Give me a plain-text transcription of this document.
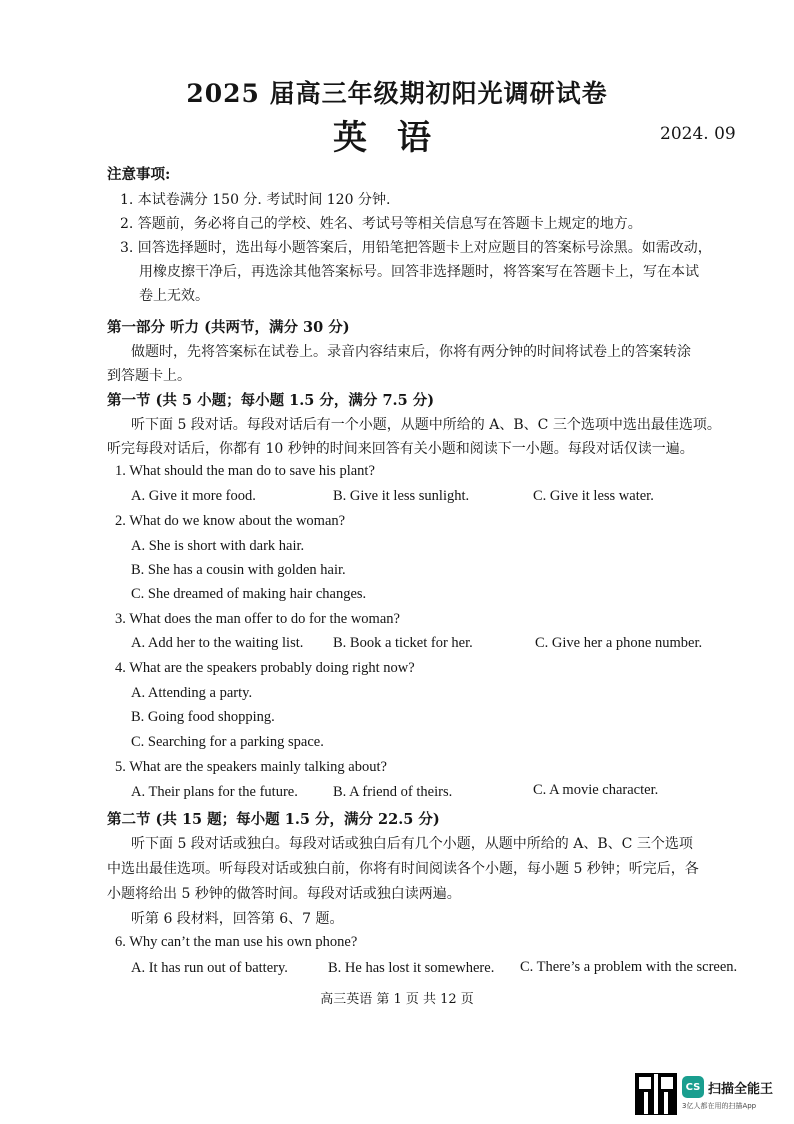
2025 届高三年级期初阳光调研试卷
英语	2024. 09
注意事项:
1. 本试卷满分 150 分. 考试时间 120 分钟.
2. 答题前，务必将自己的学校、姓名、考试号等相关信息写在答题卡上规定的地方。
3. 回答选择题时，选出每小题答案后，用铅笔把答题卡上对应题目的答案标号涂黑。如需改动，
用橡皮擦干净后，再选涂其他答案标号。回答非选择题时，将答案写在答题卡上，写在本试
卷上无效。
第一部分 听力 (共两节，满分 30 分)
做题时，先将答案标在试卷上。录音内容结束后，你将有两分钟的时间将试卷上的答案转涂
到答题卡上。
第一节 (共 5 小题；每小题 1.5 分，满分 7.5 分)
听下面 5 段对话。每段对话后有一个小题，从题中所给的 A、B、C 三个选项中选出最佳选项。
听完每段对话后，你都有 10 秒钟的时间来回答有关小题和阅读下一小题。每段对话仅读一遍。
1. What should the man do to save his plant?
A. Give it more food.	B. Give it less sunlight.	C. Give it less water.
2. What do we know about the woman?
A. She is short with dark hair.
B. She has a cousin with golden hair.
C. She dreamed of making hair changes.
3. What does the man offer to do for the woman?
A. Add her to the waiting list. B. Book a ticket for her.	C. Give her a phone number.
4. What are the speakers probably doing right now?
A. Attending a party.
B. Going food shopping.
C. Searching for a parking space.
5. What are the speakers mainly talking about?
A. Their plans for the future. B. A friend of theirs.	C. A movie character.
第二节 (共 15 题；每小题 1.5 分，满分 22.5 分)
听下面 5 段对话或独白。每段对话或独白后有几个小题，从题中所给的 A、B、C 三个选项
中选出最佳选项。听每段对话或独白前，你将有时间阅读各个小题，每小题 5 秒钟；听完后，各
小题将给出 5 秒钟的做答时间。每段对话或独白读两遍。
听第 6 段材料，回答第 6、7 题。
6. Why can’t the man use his own phone?
A. It has run out of battery.	B. He has lost it somewhere. C. There’s a problem with the screen.
高三英语 第 1 页 共 12 页
CS 扫描全能王
3亿人都在用的扫描App
